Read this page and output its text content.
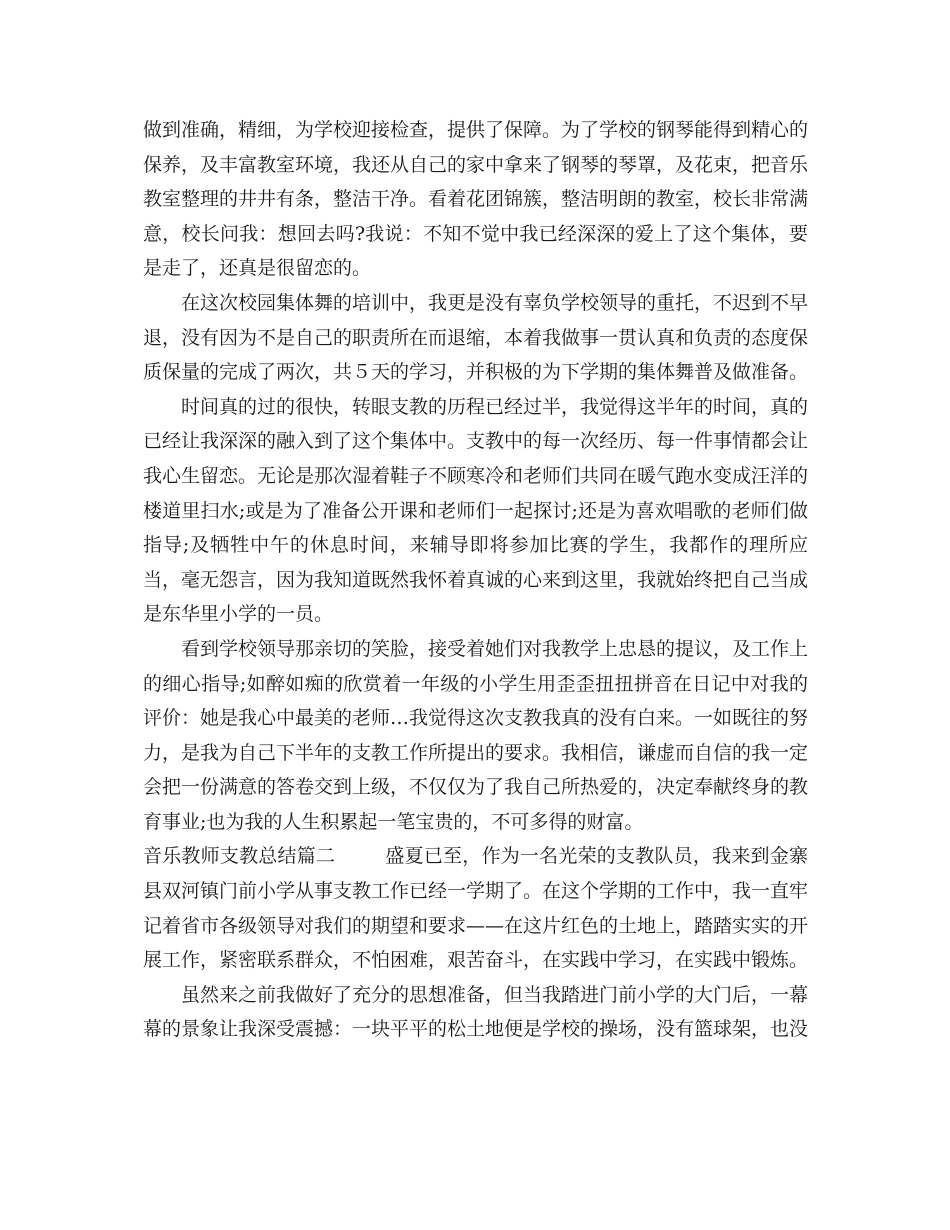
做到准确，精细，为学校迎接检查，提供了保障。为了学校的钢琴能得到精心的保养，及丰富教室环境，我还从自己的家中拿来了钢琴的琴罩，及花束，把音乐教室整理的井井有条，整洁干净。看着花团锦簇，整洁明朗的教室，校长非常满意，校长问我：想回去吗?我说：不知不觉中我已经深深的爱上了这个集体，要是走了，还真是很留恋的。

在这次校园集体舞的培训中，我更是没有辜负学校领导的重托，不迟到不早退，没有因为不是自己的职责所在而退缩，本着我做事一贯认真和负责的态度保质保量的完成了两次，共５天的学习，并积极的为下学期的集体舞普及做准备。

时间真的过的很快，转眼支教的历程已经过半，我觉得这半年的时间，真的已经让我深深的融入到了这个集体中。支教中的每一次经历、每一件事情都会让我心生留恋。无论是那次湿着鞋子不顾寒冷和老师们共同在暖气跑水变成汪洋的楼道里扫水;或是为了准备公开课和老师们一起探讨;还是为喜欢唱歌的老师们做指导;及牺牲中午的休息时间，来辅导即将参加比赛的学生，我都作的理所应当，毫无怨言，因为我知道既然我怀着真诚的心来到这里，我就始终把自己当成是东华里小学的一员。

看到学校领导那亲切的笑脸，接受着她们对我教学上忠恳的提议，及工作上的细心指导;如醉如痴的欣赏着一年级的小学生用歪歪扭扭拼音在日记中对我的评价：她是我心中最美的老师…我觉得这次支教我真的没有白来。一如既往的努力，是我为自己下半年的支教工作所提出的要求。我相信，谦虚而自信的我一定会把一份满意的答卷交到上级，不仅仅为了我自己所热爱的，决定奉献终身的教育事业;也为我的人生积累起一笔宝贵的，不可多得的财富。

音乐教师支教总结篇二	盛夏已至，作为一名光荣的支教队员，我来到金寨县双河镇门前小学从事支教工作已经一学期了。在这个学期的工作中，我一直牢记着省市各级领导对我们的期望和要求——在这片红色的土地上，踏踏实实的开展工作，紧密联系群众，不怕困难，艰苦奋斗，在实践中学习，在实践中锻炼。

虽然来之前我做好了充分的思想准备，但当我踏进门前小学的大门后，一幕幕的景象让我深受震撼：一块平平的松土地便是学校的操场，没有篮球架，也没
